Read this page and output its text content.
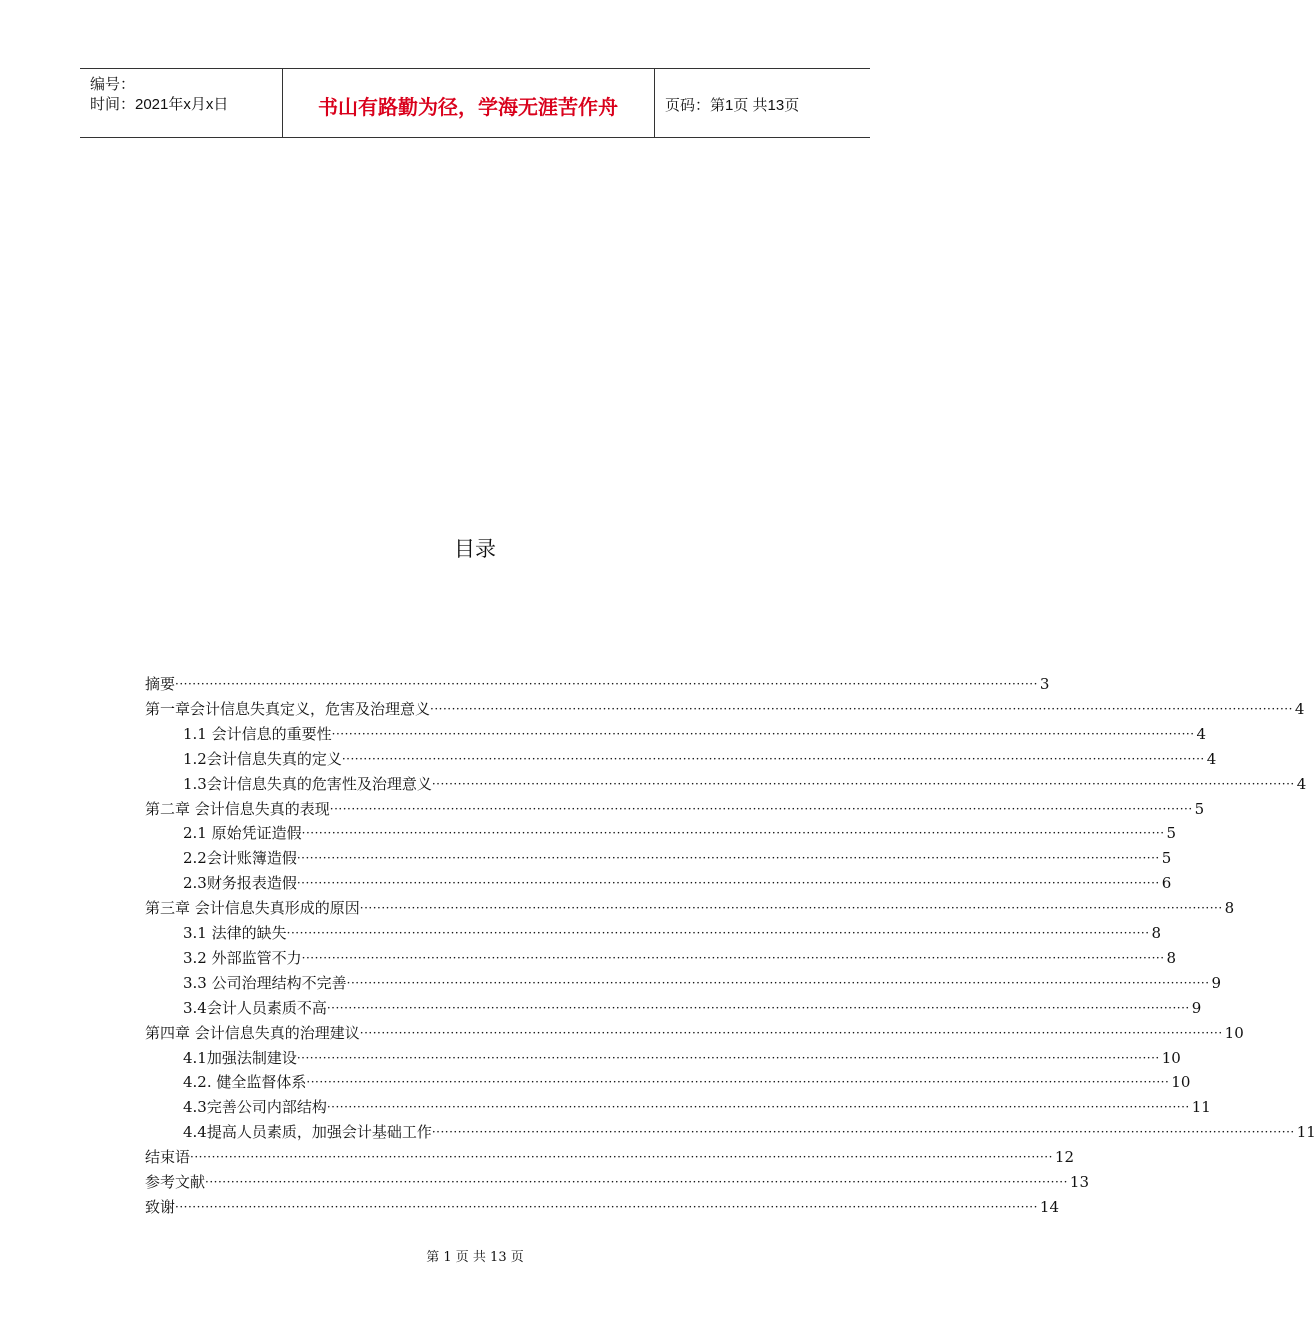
编号：
时间：2021年x月x日	书山有路勤为径，学海无涯苦作舟	页码：第1页 共13页
目录
摘要 ········································································································································································································ 3
第一章会计信息失真定义，危害及治理意义 ········································································································································································································ 4
1.1 会计信息的重要性 ········································································································································································································ 4
1.2会计信息失真的定义 ········································································································································································································ 4
1.3会计信息失真的危害性及治理意义 ········································································································································································································ 4
第二章 会计信息失真的表现 ········································································································································································································ 5
2.1 原始凭证造假 ········································································································································································································ 5
2.2会计账簿造假 ········································································································································································································ 5
2.3财务报表造假 ········································································································································································································ 6
第三章 会计信息失真形成的原因 ········································································································································································································ 8
3.1 法律的缺失 ········································································································································································································ 8
3.2 外部监管不力 ········································································································································································································ 8
3.3 公司治理结构不完善 ········································································································································································································ 9
3.4会计人员素质不高 ········································································································································································································ 9
第四章 会计信息失真的治理建议 ········································································································································································································ 10
4.1加强法制建设 ········································································································································································································ 10
4.2. 健全监督体系 ········································································································································································································ 10
4.3完善公司内部结构 ········································································································································································································ 11
4.4提高人员素质，加强会计基础工作 ········································································································································································································ 11
结束语 ········································································································································································································ 12
参考文献 ········································································································································································································ 13
致谢 ········································································································································································································ 14
第 1 页 共 13 页
